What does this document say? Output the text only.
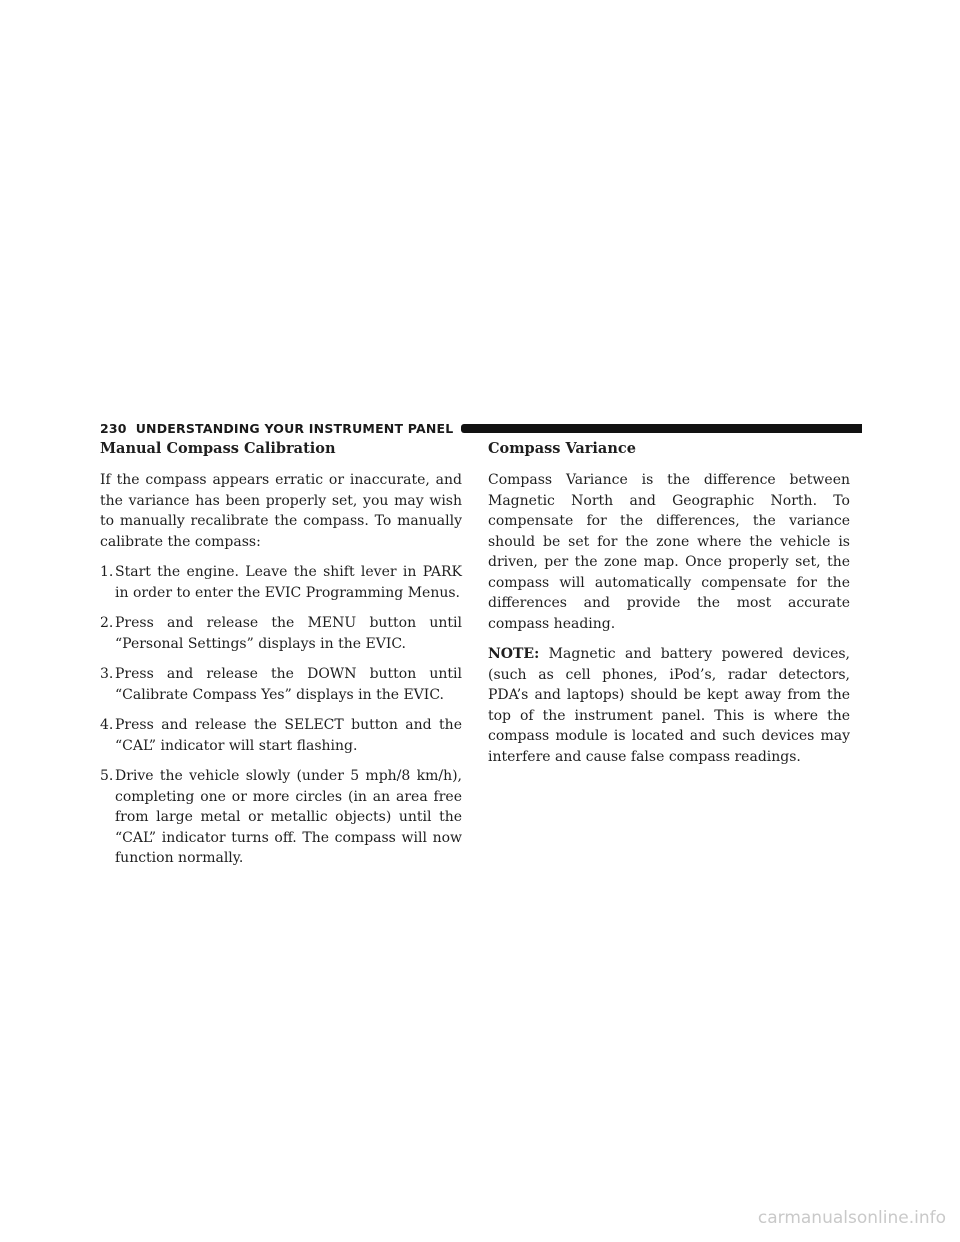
230 UNDERSTANDING YOUR INSTRUMENT PANEL
Manual Compass Calibration

If the compass appears erratic or inaccurate, and the variance has been properly set, you may wish to manually recalibrate the compass. To manually calibrate the compass:

1. Start the engine. Leave the shift lever in PARK in order to enter the EVIC Programming Menus.
2. Press and release the MENU button until “Personal Settings” displays in the EVIC.
3. Press and release the DOWN button until “Calibrate Compass Yes” displays in the EVIC.
4. Press and release the SELECT button and the “CAL” indicator will start flashing.
5. Drive the vehicle slowly (under 5 mph/8 km/h), completing one or more circles (in an area free from large metal or metallic objects) until the “CAL” indicator turns off. The compass will now function normally.
Compass Variance

Compass Variance is the difference between Magnetic North and Geographic North. To compensate for the differences, the variance should be set for the zone where the vehicle is driven, per the zone map. Once properly set, the compass will automatically compensate for the differences and provide the most accurate compass heading.

NOTE: Magnetic and battery powered devices, (such as cell phones, iPod’s, radar detectors, PDA’s and laptops) should be kept away from the top of the instrument panel. This is where the compass module is located and such devices may interfere and cause false compass readings.

carmanualsonline.info
